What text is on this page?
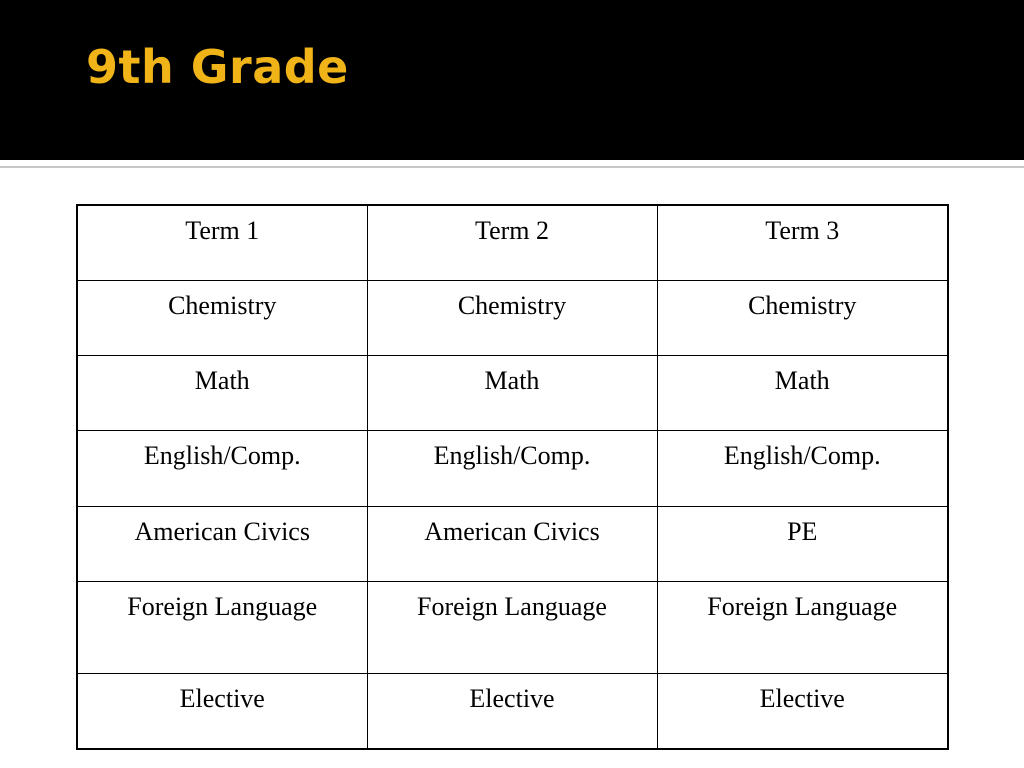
9th Grade
Term 1	Term 2	Term 3
Chemistry	Chemistry	Chemistry
Math	Math	Math
English/Comp.	English/Comp.	English/Comp.
American Civics	American Civics	PE
Foreign Language	Foreign Language	Foreign Language
Elective	Elective	Elective
